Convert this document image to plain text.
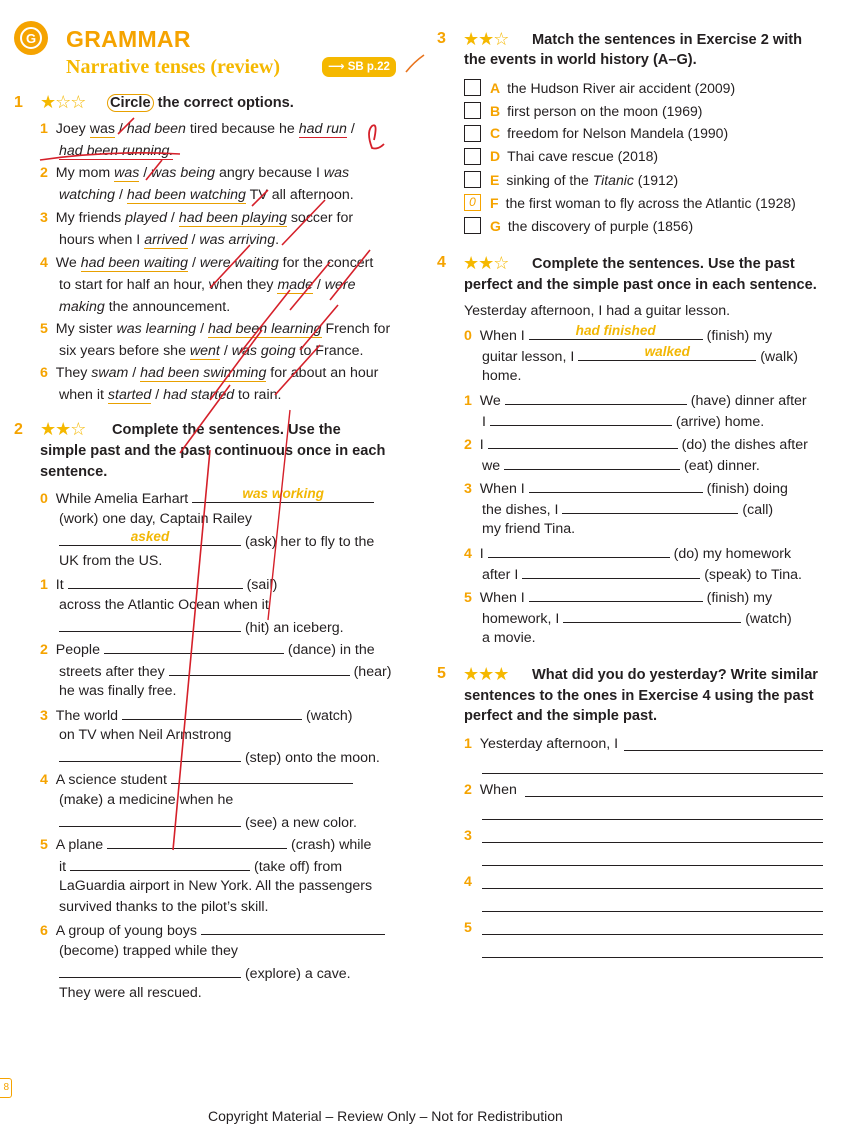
G GRAMMAR
Narrative tenses (review)	⟶ SB p.22
1 ★☆☆ Circle the correct options.
1 Joey was / had been tired because he had run /
had been running.
2 My mom was / was being angry because I was
watching / had been watching TV all afternoon.
3 My friends played / had been playing soccer for
hours when I arrived / was arriving.
4 We had been waiting / were waiting for the concert
to start for half an hour, when they made / were
making the announcement.
5 My sister was learning / had been learning French for
six years before she went / was going to France.
6 They swam / had been swimming for about an hour
when it started / had started to rain.
2 ★★☆ Complete the sentences. Use the
simple past and the past continuous once in each
sentence.
0 While Amelia Earhart	was working
(work) one day, Captain Railey
asked	(ask) her to fly to the
UK from the US.
1 It	(sail)
across the Atlantic Ocean when it
(hit) an iceberg.
2 People	(dance) in the
streets after they	(hear)
he was finally free.
3 The world	(watch)
on TV when Neil Armstrong
(step) onto the moon.
4 A science student
(make) a medicine when he
(see) a new color.
5 A plane	(crash) while
it	(take off) from
LaGuardia airport in New York. All the passengers
survived thanks to the pilot’s skill.
6 A group of young boys
(become) trapped while they
(explore) a cave.
They were all rescued.
3 ★★☆ Match the sentences in Exercise 2 with
the events in world history (A–G).
A the Hudson River air accident (2009)
B first person on the moon (1969)
C freedom for Nelson Mandela (1990)
D Thai cave rescue (2018)
E sinking of the Titanic (1912)
0	F the first woman to fly across the Atlantic (1928)
G the discovery of purple (1856)
4 ★★☆ Complete the sentences. Use the past
perfect and the simple past once in each sentence.
Yesterday afternoon, I had a guitar lesson.
0 When I	had finished	(finish) my
guitar lesson, I	walked	(walk)
home.
1 We	(have) dinner after
I	(arrive) home.
2 I	(do) the dishes after
we	(eat) dinner.
3 When I	(finish) doing
the dishes, I	(call)
my friend Tina.
4 I	(do) my homework
after I	(speak) to Tina.
5 When I	(finish) my
homework, I	(watch)
a movie.
5 ★★★ What did you do yesterday? Write similar
sentences to the ones in Exercise 4 using the past
perfect and the simple past.
1 Yesterday afternoon, I
2 When
3
4
5
8
Copyright Material – Review Only – Not for Redistribution
